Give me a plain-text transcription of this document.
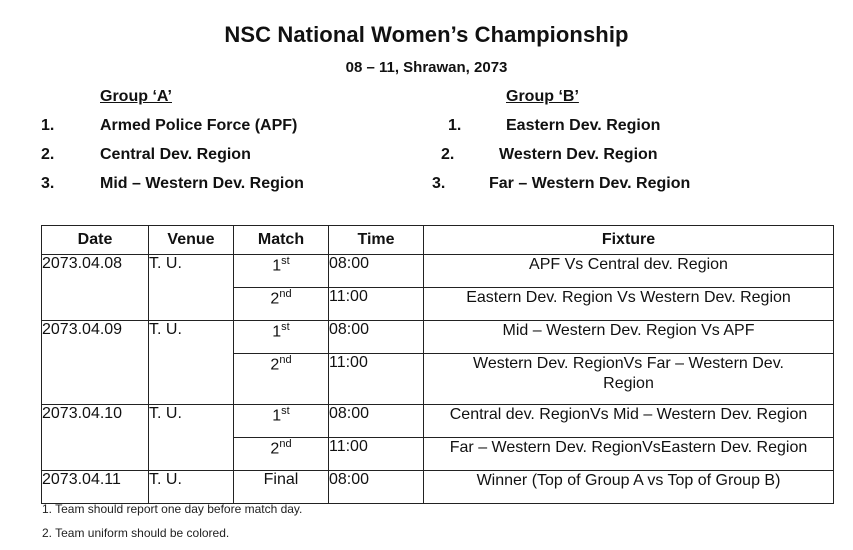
NSC National Women’s Championship
08 – 11, Shrawan, 2073
Group ‘A’
1.	Armed Police Force (APF)
2.	Central Dev. Region
3.	Mid – Western Dev. Region
Group ‘B’
1.	Eastern Dev. Region
2.	Western Dev. Region
3.	Far – Western Dev. Region
Date	Venue	Match	Time	Fixture
2073.04.08	T. U.	1st	08:00	APF Vs Central dev. Region
		2nd	11:00	Eastern Dev. Region Vs Western Dev. Region
2073.04.09	T. U.	1st	08:00	Mid – Western Dev. Region Vs APF
		2nd	11:00	Western Dev. RegionVs Far – Western Dev. Region
2073.04.10	T. U.	1st	08:00	Central dev. RegionVs Mid – Western Dev. Region
		2nd	11:00	Far – Western Dev. RegionVsEastern Dev. Region
2073.04.11	T. U.	Final	08:00	Winner (Top of Group A vs Top of Group B)
1. Team should report one day before match day.
2. Team uniform should be colored.
